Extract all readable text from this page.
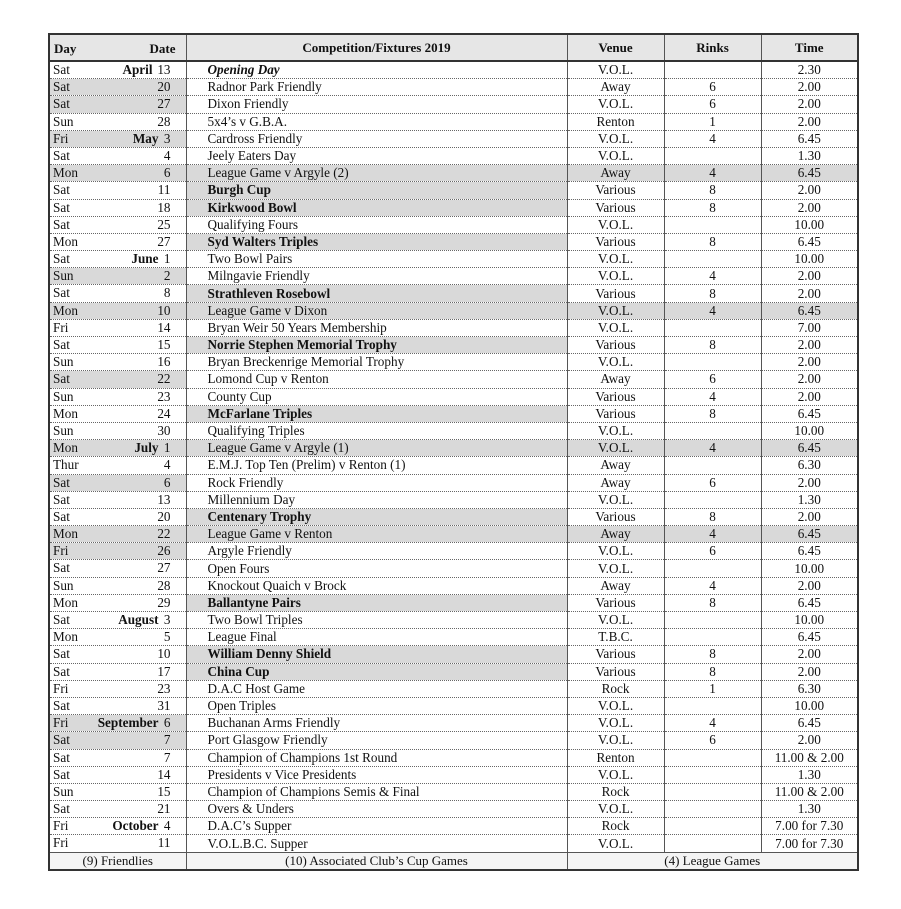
Day Date	Competition/Fixtures 2019	Venue	Rinks	Time

Sat April 13	Opening Day	V.O.L.		2.30

Sat 20	Radnor Park Friendly	Away	6	2.00

Sat 27	Dixon Friendly	V.O.L.	6	2.00

Sun 28	5x4’s v G.B.A.	Renton	1	2.00

Fri May 3	Cardross Friendly	V.O.L.	4	6.45

Sat 4	Jeely Eaters Day	V.O.L.		1.30

Mon 6	League Game v Argyle (2)	Away	4	6.45

Sat 11	Burgh Cup	Various	8	2.00

Sat 18	Kirkwood Bowl	Various	8	2.00

Sat 25	Qualifying Fours	V.O.L.		10.00

Mon 27	Syd Walters Triples	Various	8	6.45

Sat June 1	Two Bowl Pairs	V.O.L.		10.00

Sun 2	Milngavie Friendly	V.O.L.	4	2.00

Sat 8	Strathleven Rosebowl	Various	8	2.00

Mon 10	League Game v Dixon	V.O.L.	4	6.45

Fri 14	Bryan Weir 50 Years Membership	V.O.L.		7.00

Sat 15	Norrie Stephen Memorial Trophy	Various	8	2.00

Sun 16	Bryan Breckenrige Memorial Trophy	V.O.L.		2.00

Sat 22	Lomond Cup v Renton	Away	6	2.00

Sun 23	County Cup	Various	4	2.00

Mon 24	McFarlane Triples	Various	8	6.45

Sun 30	Qualifying Triples	V.O.L.		10.00

Mon July 1	League Game v Argyle (1)	V.O.L.	4	6.45

Thur 4	E.M.J. Top Ten (Prelim) v Renton (1)	Away		6.30

Sat 6	Rock Friendly	Away	6	2.00

Sat 13	Millennium Day	V.O.L.		1.30

Sat 20	Centenary Trophy	Various	8	2.00

Mon 22	League Game v Renton	Away	4	6.45

Fri 26	Argyle Friendly	V.O.L.	6	6.45

Sat 27	Open Fours	V.O.L.		10.00

Sun 28	Knockout Quaich v Brock	Away	4	2.00

Mon 29	Ballantyne Pairs	Various	8	6.45

Sat August 3	Two Bowl Triples	V.O.L.		10.00

Mon 5	League Final	T.B.C.		6.45

Sat 10	William Denny Shield	Various	8	2.00

Sat 17	China Cup	Various	8	2.00

Fri 23	D.A.C Host Game	Rock	1	6.30

Sat 31	Open Triples	V.O.L.		10.00

Fri September 6	Buchanan Arms Friendly	V.O.L.	4	6.45

Sat 7	Port Glasgow Friendly	V.O.L.	6	2.00

Sat 7	Champion of Champions 1st Round	Renton		11.00 & 2.00

Sat 14	Presidents v Vice Presidents	V.O.L.		1.30

Sun 15	Champion of Champions Semis & Final	Rock		11.00 & 2.00

Sat 21	Overs & Unders	V.O.L.		1.30

Fri October 4	D.A.C’s Supper	Rock		7.00 for 7.30

Fri 11	V.O.L.B.C. Supper	V.O.L.		7.00 for 7.30
(9) Friendlies	(10) Associated Club’s Cup Games	(4) League Games		
